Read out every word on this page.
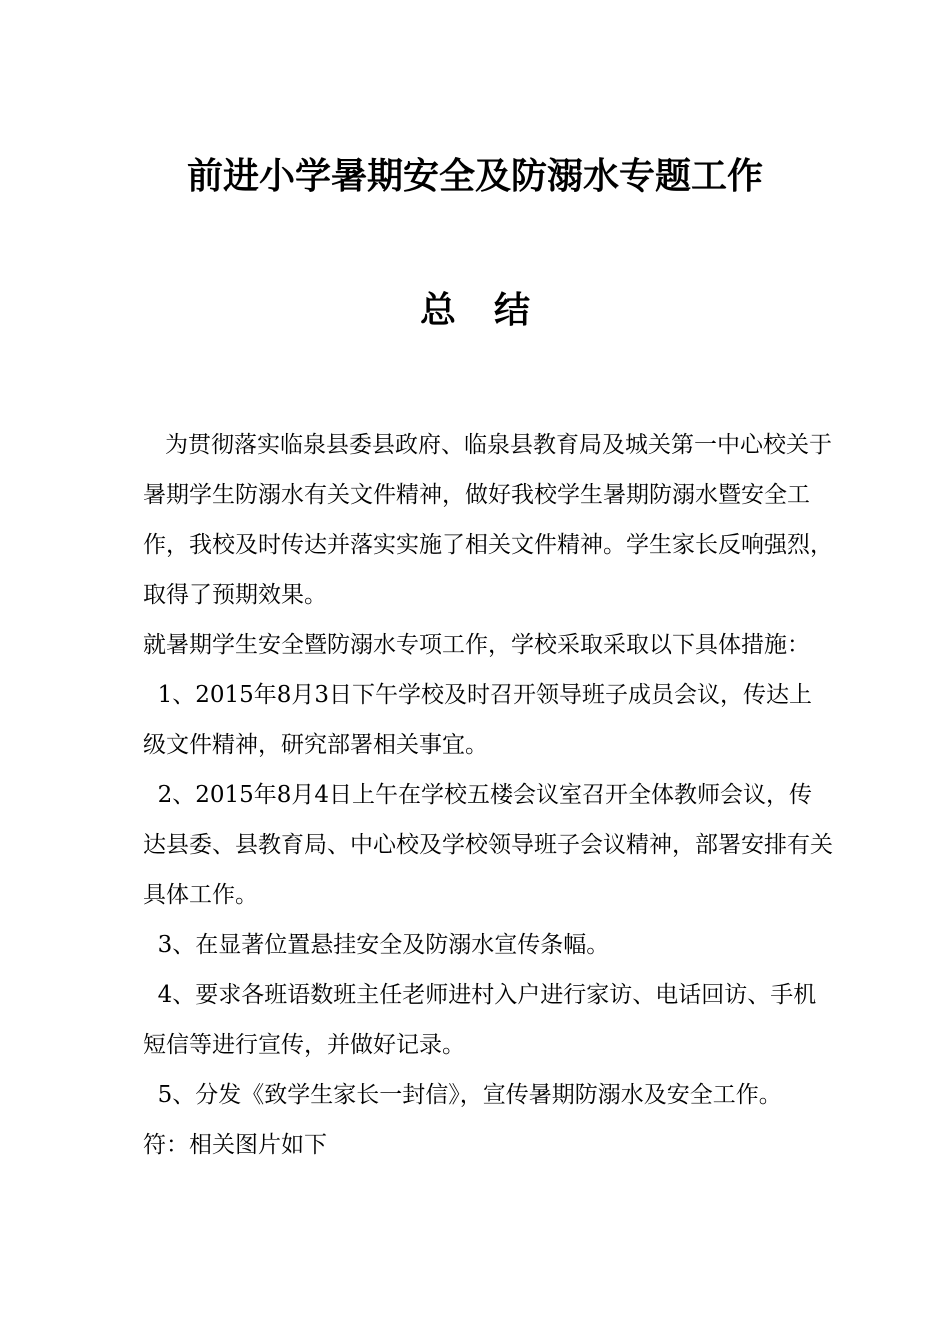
前进小学暑期安全及防溺水专题工作
总结

为贯彻落实临泉县委县政府、临泉县教育局及城关第一中心校关于暑期学生防溺水有关文件精神，做好我校学生暑期防溺水暨安全工作，我校及时传达并落实实施了相关文件精神。学生家长反响强烈，取得了预期效果。

就暑期学生安全暨防溺水专项工作，学校采取采取以下具体措施：

1、2015年8月3日下午学校及时召开领导班子成员会议，传达上级文件精神，研究部署相关事宜。

2、2015年8月4日上午在学校五楼会议室召开全体教师会议，传达县委、县教育局、中心校及学校领导班子会议精神，部署安排有关具体工作。

3、在显著位置悬挂安全及防溺水宣传条幅。

4、要求各班语数班主任老师进村入户进行家访、电话回访、手机短信等进行宣传，并做好记录。

5、分发《致学生家长一封信》，宣传暑期防溺水及安全工作。

符：相关图片如下
